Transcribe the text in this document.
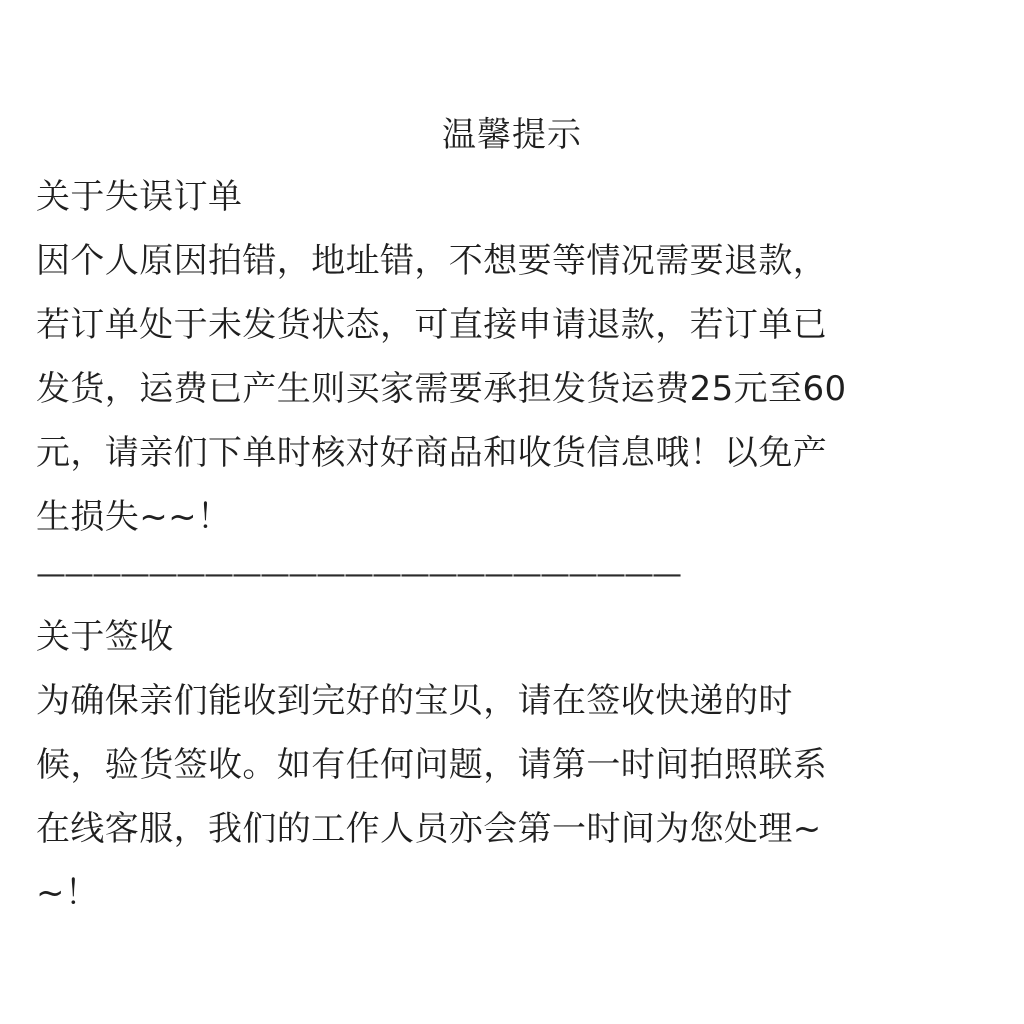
温馨提示

关于失误订单

因个人原因拍错，地址错，不想要等情况需要退款，

若订单处于未发货状态，可直接申请退款，若订单已

发货，运费已产生则买家需要承担发货运费25元至60

元，请亲们下单时核对好商品和收货信息哦！以免产

生损失~~！

———————————————————————

关于签收

为确保亲们能收到完好的宝贝，请在签收快递的时

候，验货签收。如有任何问题，请第一时间拍照联系

在线客服，我们的工作人员亦会第一时间为您处理~

~！
